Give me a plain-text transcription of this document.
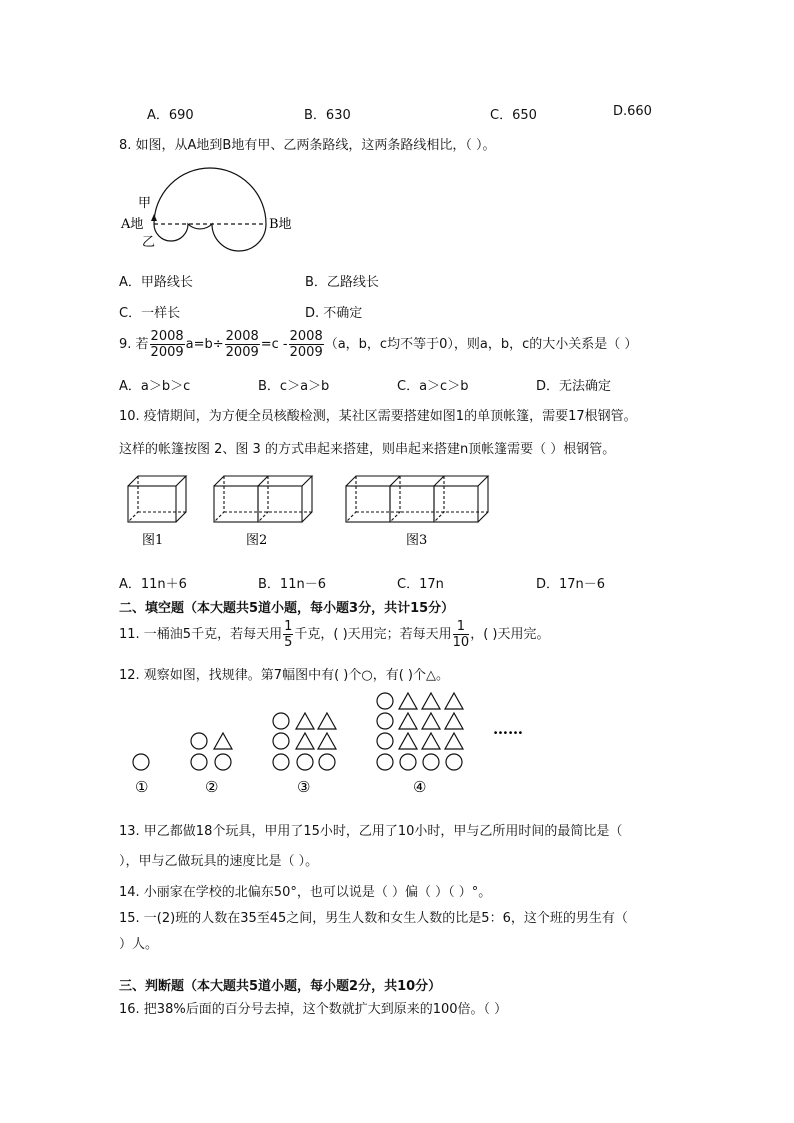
A．690	B．630	C．650	D.660
8. 如图，从A地到B地有甲、乙两条路线，这两条路线相比，（ ）。
甲
A地
乙
B地
A．甲路线长	B．乙路线长
C．一样长	D. 不确定
9. 若 $\frac{2008}{2009} a=b\div \frac{2008}{2009} =c - \frac{2008}{2009} (a$，b，c均不等于0），则a，b，c的大小关系是（ ）
A．a＞b＞c	B．c＞a＞b	C．a＞c＞b	D．无法确定
10. 疫情期间，为方便全员核酸检测，某社区需要搭建如图1的单顶帐篷，需要17根钢管。
这样的帐篷按图 2、图 3 的方式串起来搭建，则串起来搭建n顶帐篷需要（ ）根钢管。
图1	图2	图3
A．11n＋6	B．11n－6	C．17n	D．17n－6
二、填空题（本大题共5道小题，每小题3分，共计15分）
11. 一桶油5千克，若每天用 $\frac{1}{5}$ 千克，( )天用完；若每天用 $\frac{1}{10}$ ，( )天用完。
12. 观察如图，找规律。第7幅图中有( )个○，有( )个△。
……
①	②	③	④
13. 甲乙都做18个玩具，甲用了15小时，乙用了10小时，甲与乙所用时间的最简比是（
），甲与乙做玩具的速度比是（ ）。
14. 小丽家在学校的北偏东50°，也可以说是（ ）偏（ ）（ ）°。
15. 一(2)班的人数在35至45之间，男生人数和女生人数的比是5：6，这个班的男生有（
）人。
三、判断题（本大题共5道小题，每小题2分，共10分）
16. 把38%后面的百分号去掉，这个数就扩大到原来的100倍。（ ）
